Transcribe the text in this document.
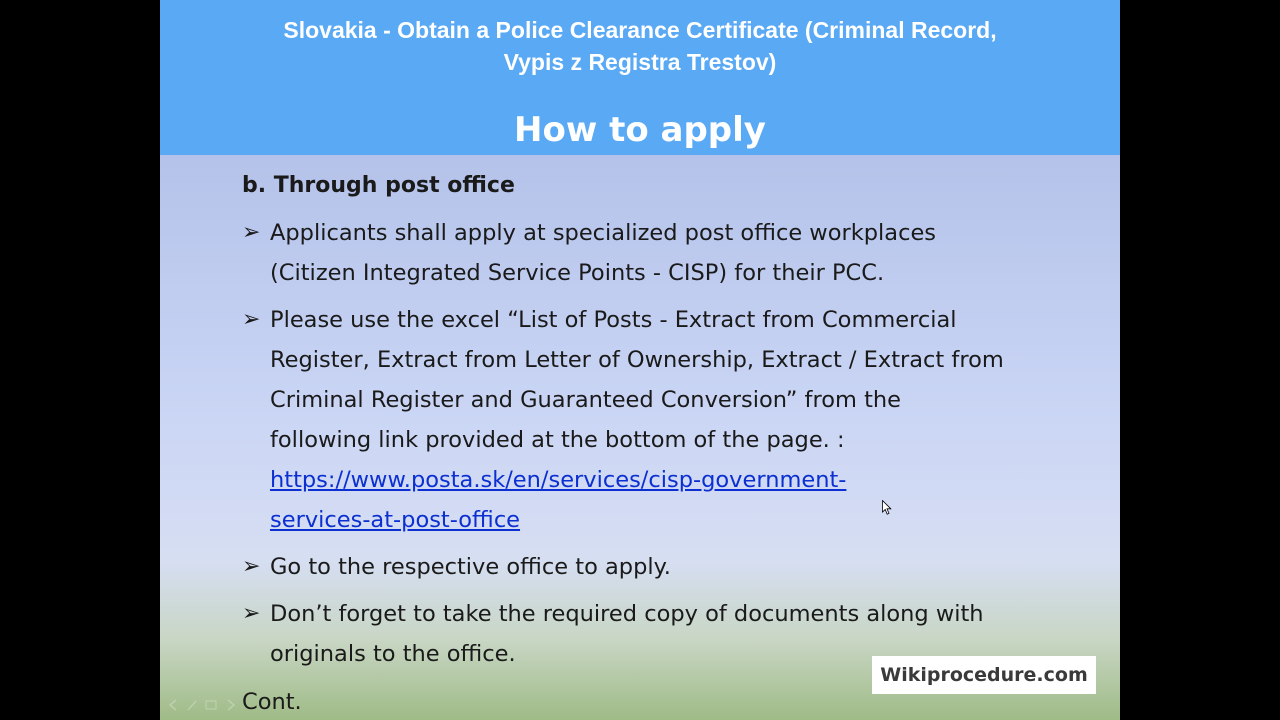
Slovakia - Obtain a Police Clearance Certificate (Criminal Record,
Vypis z Registra Trestov)
How to apply
b. Through post office
➢ Applicants shall apply at specialized post office workplaces
(Citizen Integrated Service Points - CISP) for their PCC.
➢ Please use the excel “List of Posts - Extract from Commercial
Register, Extract from Letter of Ownership, Extract / Extract from
Criminal Register and Guaranteed Conversion” from the
following link provided at the bottom of the page. :
https://www.posta.sk/en/services/cisp-government-
services-at-post-office
➢ Go to the respective office to apply.
➢ Don’t forget to take the required copy of documents along with
originals to the office.
Cont.
Wikiprocedure.com
